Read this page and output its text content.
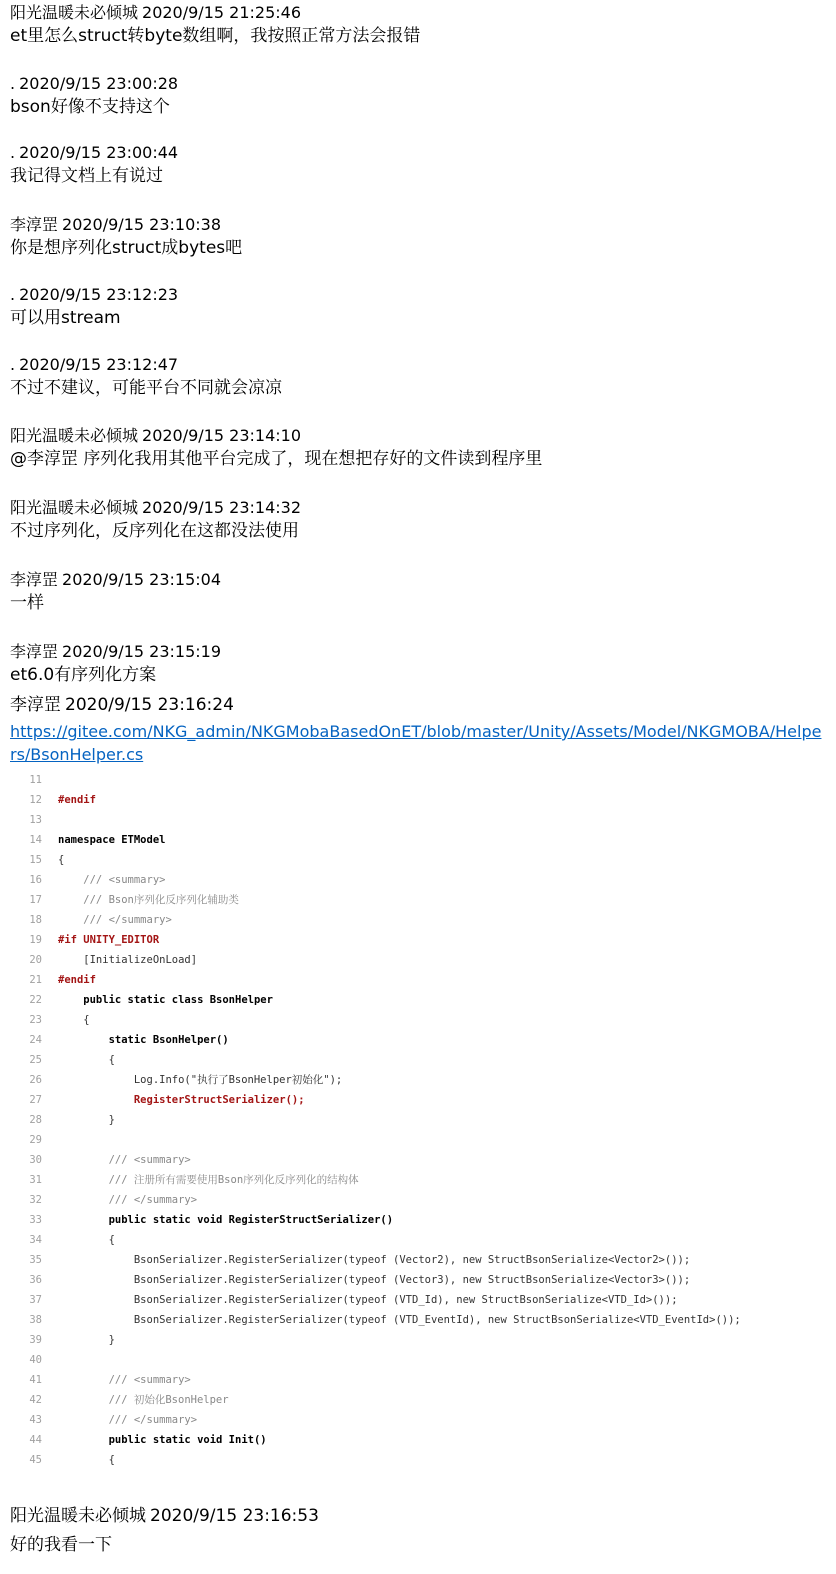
阳光温暖未必倾城 2020/9/15 21:25:46
et里怎么struct转byte数组啊，我按照正常方法会报错
. 2020/9/15 23:00:28
bson好像不支持这个
. 2020/9/15 23:00:44
我记得文档上有说过
李淳罡 2020/9/15 23:10:38
你是想序列化struct成bytes吧
. 2020/9/15 23:12:23
可以用stream
. 2020/9/15 23:12:47
不过不建议，可能平台不同就会凉凉
阳光温暖未必倾城 2020/9/15 23:14:10
@李淳罡 序列化我用其他平台完成了，现在想把存好的文件读到程序里
阳光温暖未必倾城 2020/9/15 23:14:32
不过序列化，反序列化在这都没法使用
李淳罡 2020/9/15 23:15:04
一样
李淳罡 2020/9/15 23:15:19
et6.0有序列化方案
李淳罡 2020/9/15 23:16:24
https://gitee.com/NKG_admin/NKGMobaBasedOnET/blob/master/Unity/Assets/Model/NKGMOBA/Helpers/BsonHelper.cs
11
12 #endif
13
14 namespace ETModel
15 {
16    /// <summary>
17    /// Bson序列化反序列化辅助类
18    /// </summary>
19 #if UNITY_EDITOR
20    [InitializeOnLoad]
21 #endif
22    public static class BsonHelper
23    {
24        static BsonHelper()
25        {
26            Log.Info("执行了BsonHelper初始化");
27            RegisterStructSerializer();
28        }
29
30        /// <summary>
31        /// 注册所有需要使用Bson序列化反序列化的结构体
32        /// </summary>
33        public static void RegisterStructSerializer()
34        {
35            BsonSerializer.RegisterSerializer(typeof (Vector2), new StructBsonSerialize<Vector2>());
36            BsonSerializer.RegisterSerializer(typeof (Vector3), new StructBsonSerialize<Vector3>());
37            BsonSerializer.RegisterSerializer(typeof (VTD_Id), new StructBsonSerialize<VTD_Id>());
38            BsonSerializer.RegisterSerializer(typeof (VTD_EventId), new StructBsonSerialize<VTD_EventId>());
39        }
40
41        /// <summary>
42        /// 初始化BsonHelper
43        /// </summary>
44        public static void Init()
45        {
阳光温暖未必倾城 2020/9/15 23:16:53
好的我看一下
